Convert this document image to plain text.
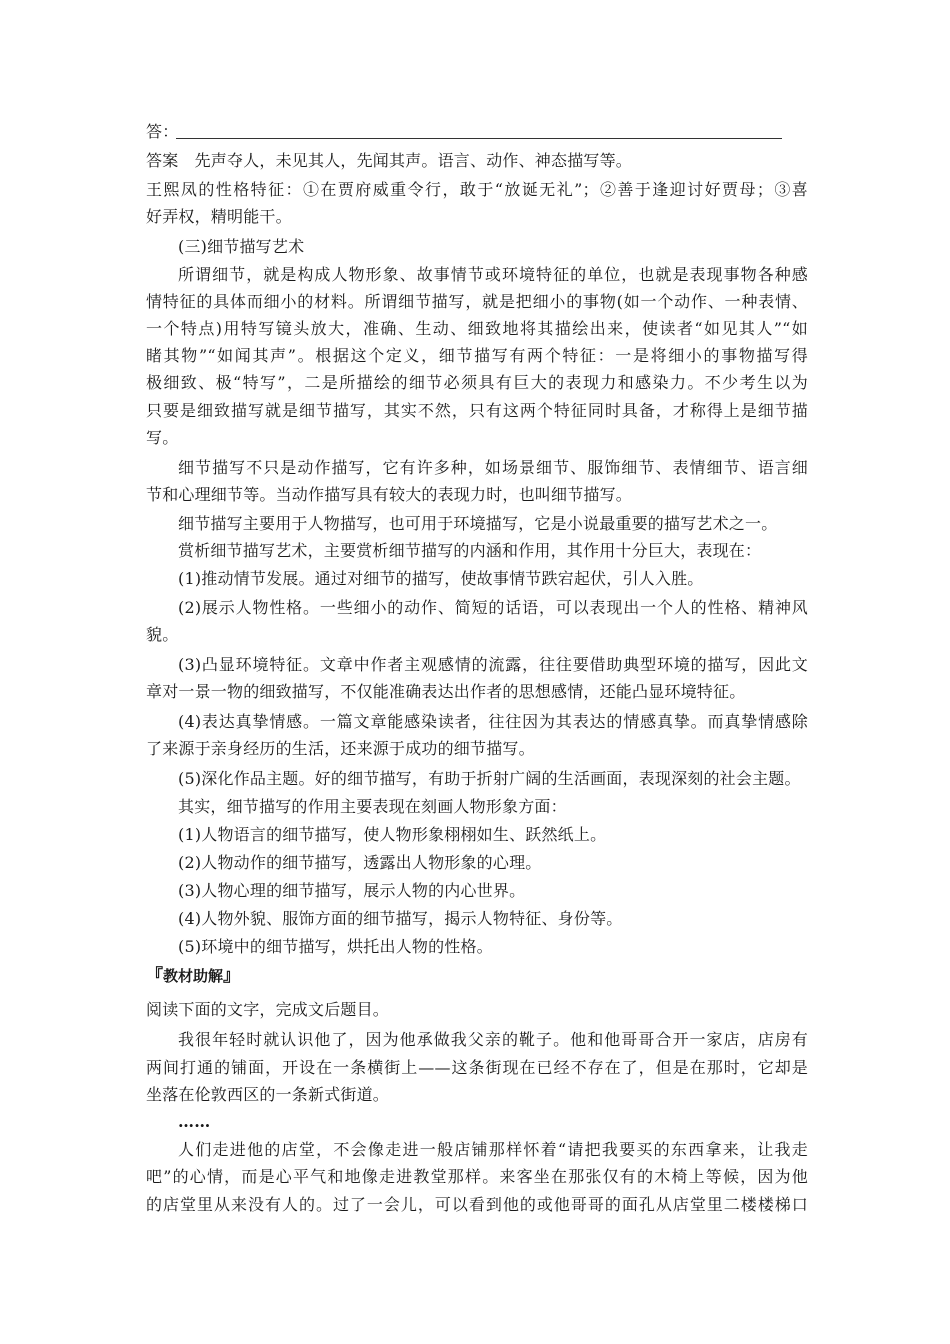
答：
答案　先声夺人，未见其人，先闻其声。语言、动作、神态描写等。
王熙凤的性格特征：①在贾府威重令行，敢于“放诞无礼”；②善于逢迎讨好贾母；③喜
好弄权，精明能干。
(三)细节描写艺术
所谓细节，就是构成人物形象、故事情节或环境特征的单位，也就是表现事物各种感
情特征的具体而细小的材料。所谓细节描写，就是把细小的事物(如一个动作、一种表情、
一个特点)用特写镜头放大，准确、生动、细致地将其描绘出来，使读者“如见其人”“如
睹其物”“如闻其声”。根据这个定义，细节描写有两个特征：一是将细小的事物描写得
极细致、极“特写”，二是所描绘的细节必须具有巨大的表现力和感染力。不少考生以为
只要是细致描写就是细节描写，其实不然，只有这两个特征同时具备，才称得上是细节描
写。
细节描写不只是动作描写，它有许多种，如场景细节、服饰细节、表情细节、语言细
节和心理细节等。当动作描写具有较大的表现力时，也叫细节描写。
细节描写主要用于人物描写，也可用于环境描写，它是小说最重要的描写艺术之一。
赏析细节描写艺术，主要赏析细节描写的内涵和作用，其作用十分巨大，表现在：
(1)推动情节发展。通过对细节的描写，使故事情节跌宕起伏，引人入胜。
(2)展示人物性格。一些细小的动作、简短的话语，可以表现出一个人的性格、精神风
貌。
(3)凸显环境特征。文章中作者主观感情的流露，往往要借助典型环境的描写，因此文
章对一景一物的细致描写，不仅能准确表达出作者的思想感情，还能凸显环境特征。
(4)表达真挚情感。一篇文章能感染读者，往往因为其表达的情感真挚。而真挚情感除
了来源于亲身经历的生活，还来源于成功的细节描写。
(5)深化作品主题。好的细节描写，有助于折射广阔的生活画面，表现深刻的社会主题。
其实，细节描写的作用主要表现在刻画人物形象方面：
(1)人物语言的细节描写，使人物形象栩栩如生、跃然纸上。
(2)人物动作的细节描写，透露出人物形象的心理。
(3)人物心理的细节描写，展示人物的内心世界。
(4)人物外貌、服饰方面的细节描写，揭示人物特征、身份等。
(5)环境中的细节描写，烘托出人物的性格。
『教材助解』
阅读下面的文字，完成文后题目。
我很年轻时就认识他了，因为他承做我父亲的靴子。他和他哥哥合开一家店，店房有
两间打通的铺面，开设在一条横街上——这条街现在已经不存在了，但是在那时，它却是
坐落在伦敦西区的一条新式街道。
……
人们走进他的店堂，不会像走进一般店铺那样怀着“请把我要买的东西拿来，让我走
吧”的心情，而是心平气和地像走进教堂那样。来客坐在那张仅有的木椅上等候，因为他
的店堂里从来没有人的。过了一会儿，可以看到他的或他哥哥的面孔从店堂里二楼楼梯口
